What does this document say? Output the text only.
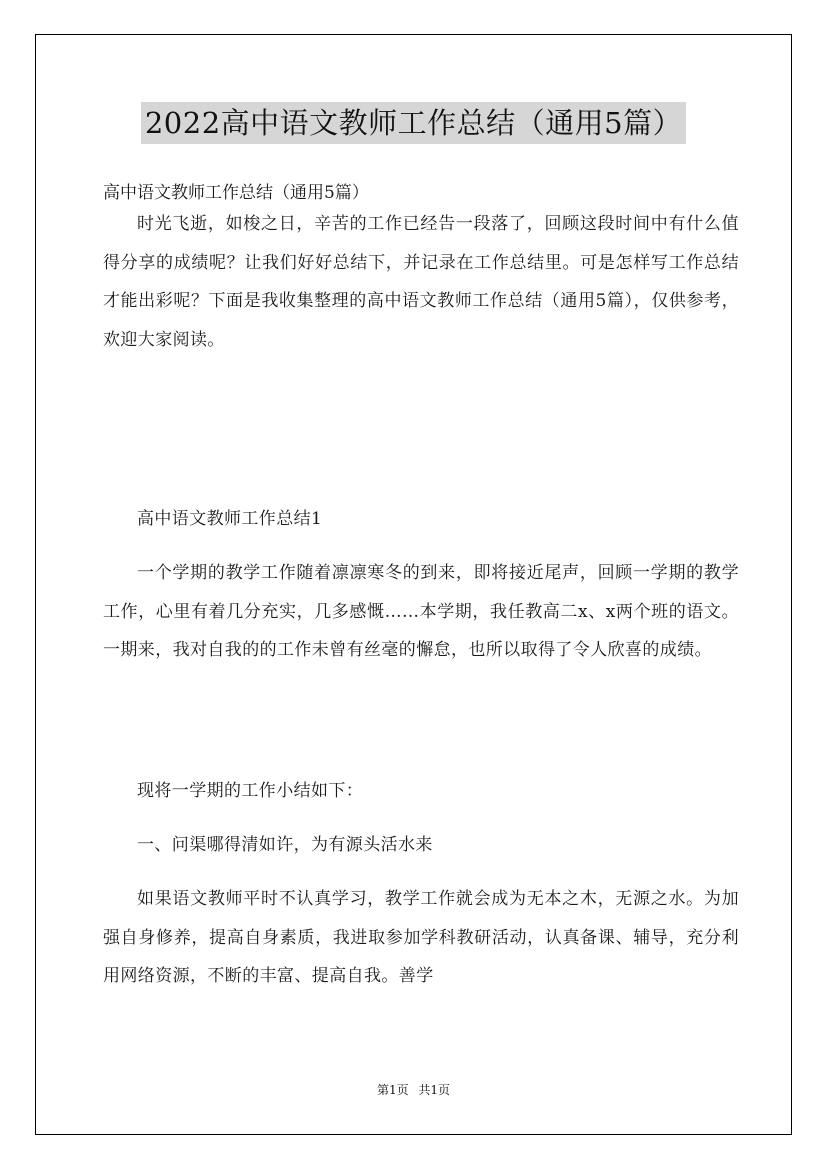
2022高中语文教师工作总结（通用5篇）
高中语文教师工作总结（通用5篇）

时光飞逝，如梭之日，辛苦的工作已经告一段落了，回顾这段时间中有什么值得分享的成绩呢？让我们好好总结下，并记录在工作总结里。可是怎样写工作总结才能出彩呢？下面是我收集整理的高中语文教师工作总结（通用5篇），仅供参考，欢迎大家阅读。

高中语文教师工作总结1

一个学期的教学工作随着凛凛寒冬的到来，即将接近尾声，回顾一学期的教学工作，心里有着几分充实，几多感慨……本学期，我任教高二x、x两个班的语文。一期来，我对自我的的工作未曾有丝毫的懈怠，也所以取得了令人欣喜的成绩。

现将一学期的工作小结如下：

一、问渠哪得清如许，为有源头活水来

如果语文教师平时不认真学习，教学工作就会成为无本之木，无源之水。为加强自身修养，提高自身素质，我进取参加学科教研活动，认真备课、辅导，充分利用网络资源，不断的丰富、提高自我。善学

第1页 共1页
